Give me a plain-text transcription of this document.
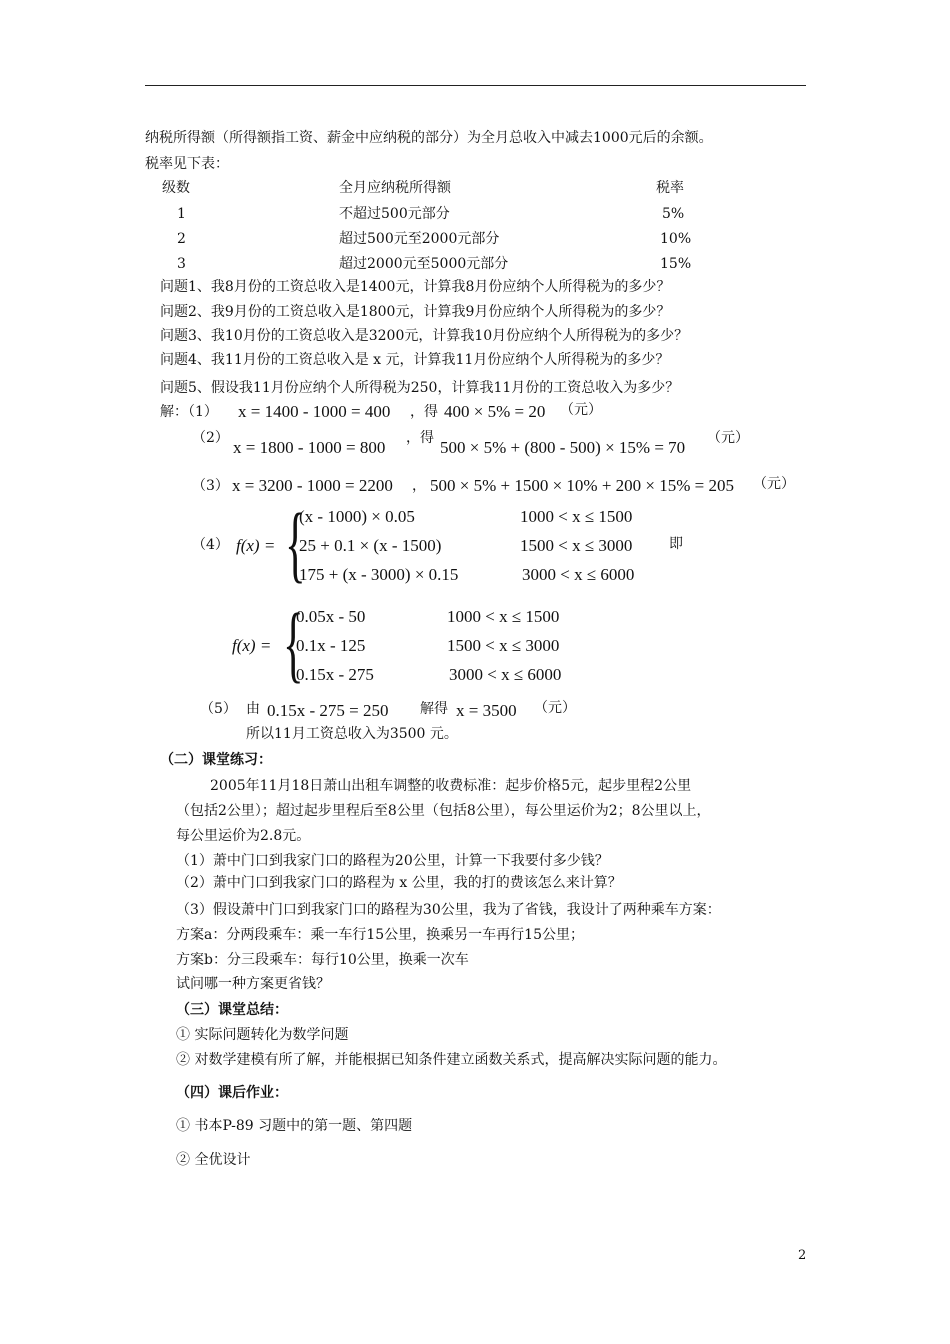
纳税所得额（所得额指工资、薪金中应纳税的部分）为全月总收入中减去1000元后的余额。
税率见下表：
级数	全月应纳税所得额	税率
1	不超过500元部分	5%
2	超过500元至2000元部分	10%
3	超过2000元至5000元部分	15%
问题1、我8月份的工资总收入是1400元，计算我8月份应纳个人所得税为的多少？
问题2、我9月份的工资总收入是1800元，计算我9月份应纳个人所得税为的多少？
问题3、我10月份的工资总收入是3200元，计算我10月份应纳个人所得税为的多少？
问题4、我11月份的工资总收入是 x 元，计算我11月份应纳个人所得税为的多少？
问题5、假设我11月份应纳个人所得税为250，计算我11月份的工资总收入为多少？
解：（1） x = 1400 - 1000 = 400 ，得 400 × 5% = 20 （元）
（2） x = 1800 - 1000 = 800 ，得 500 × 5% + (800 - 500) × 15% = 70 （元）
（3） x = 3200 - 1000 = 2200 ， 500 × 5% + 1500 × 10% + 200 × 15% = 205 （元）
（4） f(x) = {
(x - 1000) × 0.05	1000 < x ≤ 1500
25 + 0.1 × (x - 1500)	1500 < x ≤ 3000
175 + (x - 3000) × 0.15	3000 < x ≤ 6000
即
f(x) = {
0.05x - 50	1000 < x ≤ 1500
0.1x - 125	1500 < x ≤ 3000
0.15x - 275	3000 < x ≤ 6000
（5） 由 0.15x - 275 = 250 解得 x = 3500 （元）
所以11月工资总收入为3500 元。
（二）课堂练习：
2005年11月18日萧山出租车调整的收费标准：起步价格5元，起步里程2公里
（包括2公里）；超过起步里程后至8公里（包括8公里），每公里运价为2；8公里以上，
每公里运价为2.8元。
（1）萧中门口到我家门口的路程为20公里，计算一下我要付多少钱？
（2）萧中门口到我家门口的路程为 x 公里，我的打的费该怎么来计算？
（3）假设萧中门口到我家门口的路程为30公里，我为了省钱，我设计了两种乘车方案：
方案a：分两段乘车：乘一车行15公里，换乘另一车再行15公里；
方案b：分三段乘车：每行10公里，换乘一次车
试问哪一种方案更省钱？
（三）课堂总结：
① 实际问题转化为数学问题
② 对数学建模有所了解，并能根据已知条件建立函数关系式，提高解决实际问题的能力。
（四）课后作业：
① 书本P-89 习题中的第一题、第四题
② 全优设计
2
